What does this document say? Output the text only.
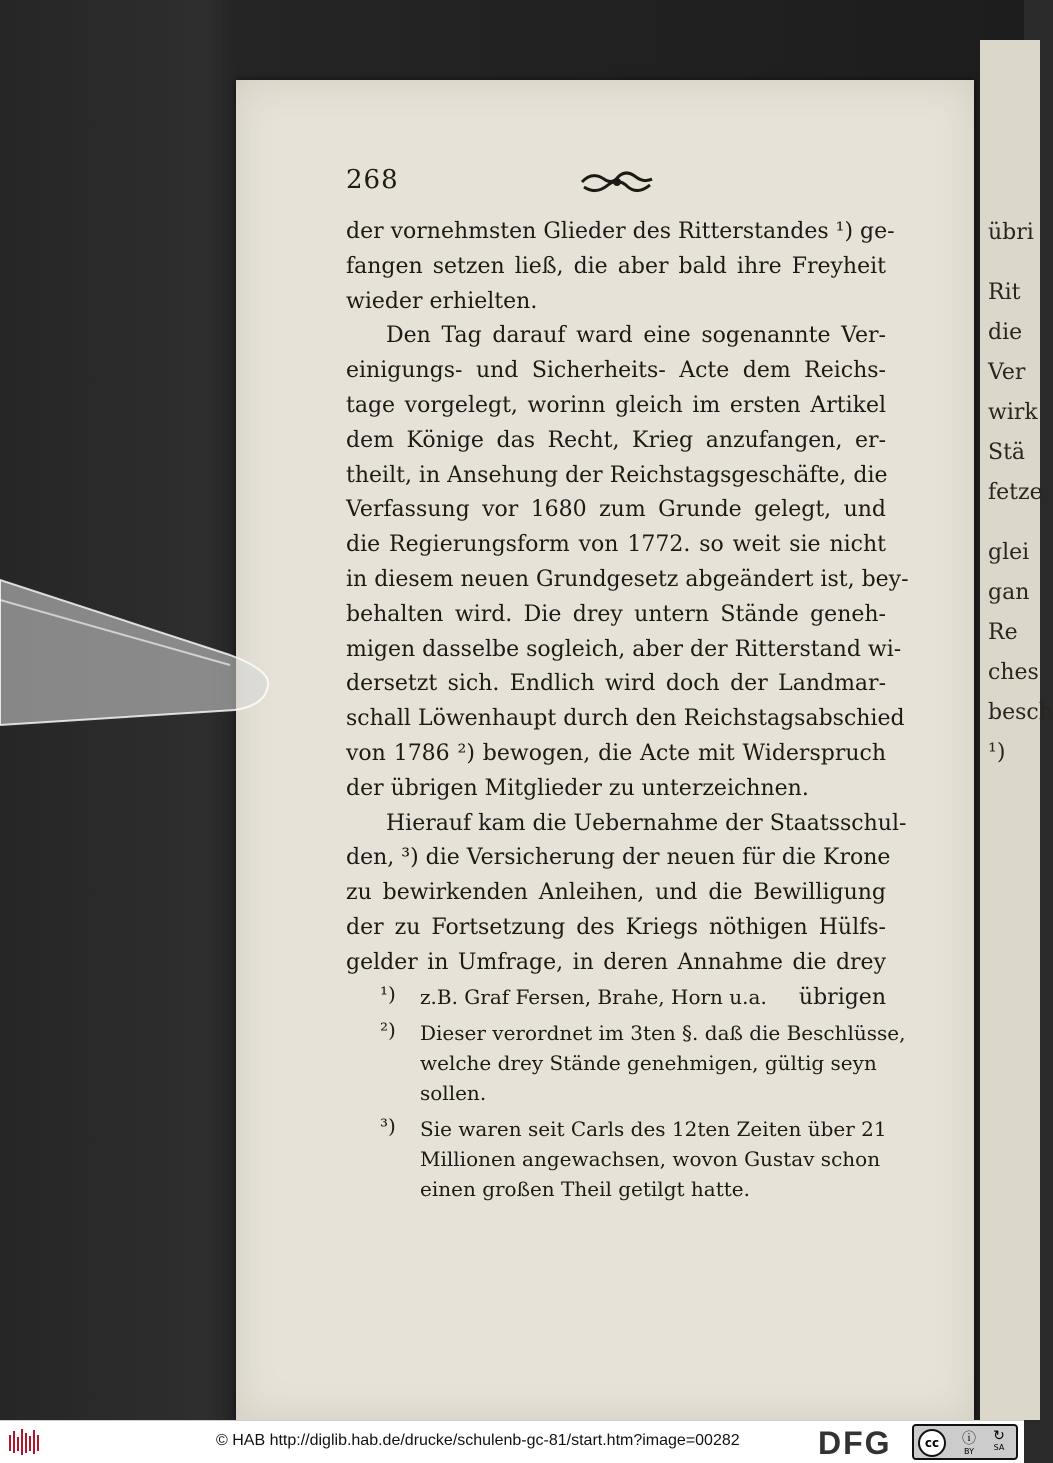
übri
Rit
die
Ver
wirk
Stä
fetze
glei
gan
Re
ches
besch
¹)
268
der vornehmsten Glieder des Ritterstandes ¹) ge-
fangen setzen ließ, die aber bald ihre Freyheit
wieder erhielten.
Den Tag darauf ward eine sogenannte Ver-
einigungs- und Sicherheits- Acte dem Reichs-
tage vorgelegt, worinn gleich im ersten Artikel
dem Könige das Recht, Krieg anzufangen, er-
theilt, in Ansehung der Reichstagsgeschäfte, die
Verfassung vor 1680 zum Grunde gelegt, und
die Regierungsform von 1772. so weit sie nicht
in diesem neuen Grundgesetz abgeändert ist, bey-
behalten wird. Die drey untern Stände geneh-
migen dasselbe sogleich, aber der Ritterstand wi-
dersetzt sich. Endlich wird doch der Landmar-
schall Löwenhaupt durch den Reichstagsabschied
von 1786 ²) bewogen, die Acte mit Widerspruch
der übrigen Mitglieder zu unterzeichnen.
Hierauf kam die Uebernahme der Staatsschul-
den, ³) die Versicherung der neuen für die Krone
zu bewirkenden Anleihen, und die Bewilligung
der zu Fortsetzung des Kriegs nöthigen Hülfs-
gelder in Umfrage, in deren Annahme die drey
übrigen
¹)	z.B. Graf Fersen, Brahe, Horn u.a.
²)	Dieser verordnet im 3ten §. daß die Beschlüsse,
welche drey Stände genehmigen, gültig seyn
sollen.
³)	Sie waren seit Carls des 12ten Zeiten über 21
Millionen angewachsen, wovon Gustav schon
einen großen Theil getilgt hatte.
© HAB http://diglib.hab.de/drucke/schulenb-gc-81/start.htm?image=00282 DFG	cc	ⓘ
BY
↻
SA
